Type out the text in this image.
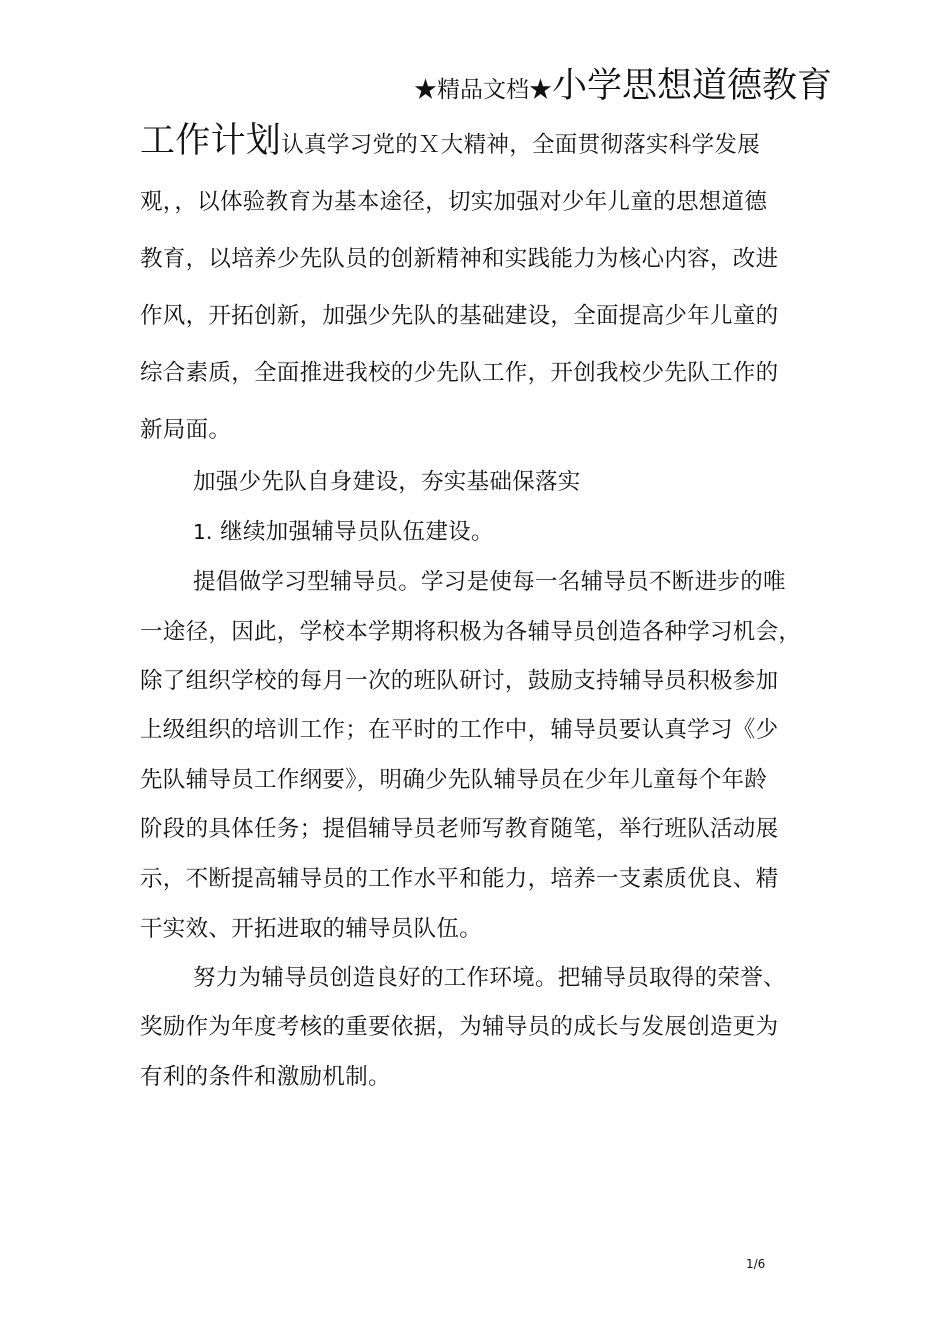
★精品文档★小学思想道德教育
工作计划认真学习党的Ｘ大精神，全面贯彻落实科学发展
观，，以体验教育为基本途径，切实加强对少年儿童的思想道德
教育，以培养少先队员的创新精神和实践能力为核心内容，改进
作风，开拓创新，加强少先队的基础建设，全面提高少年儿童的
综合素质，全面推进我校的少先队工作，开创我校少先队工作的
新局面。
加强少先队自身建设，夯实基础保落实
1. 继续加强辅导员队伍建设。
提倡做学习型辅导员。学习是使每一名辅导员不断进步的唯
一途径，因此，学校本学期将积极为各辅导员创造各种学习机会，
除了组织学校的每月一次的班队研讨，鼓励支持辅导员积极参加
上级组织的培训工作；在平时的工作中，辅导员要认真学习《少
先队辅导员工作纲要》，明确少先队辅导员在少年儿童每个年龄
阶段的具体任务；提倡辅导员老师写教育随笔，举行班队活动展
示，不断提高辅导员的工作水平和能力，培养一支素质优良、精
干实效、开拓进取的辅导员队伍。
努力为辅导员创造良好的工作环境。把辅导员取得的荣誉、
奖励作为年度考核的重要依据，为辅导员的成长与发展创造更为
有利的条件和激励机制。
1/6
